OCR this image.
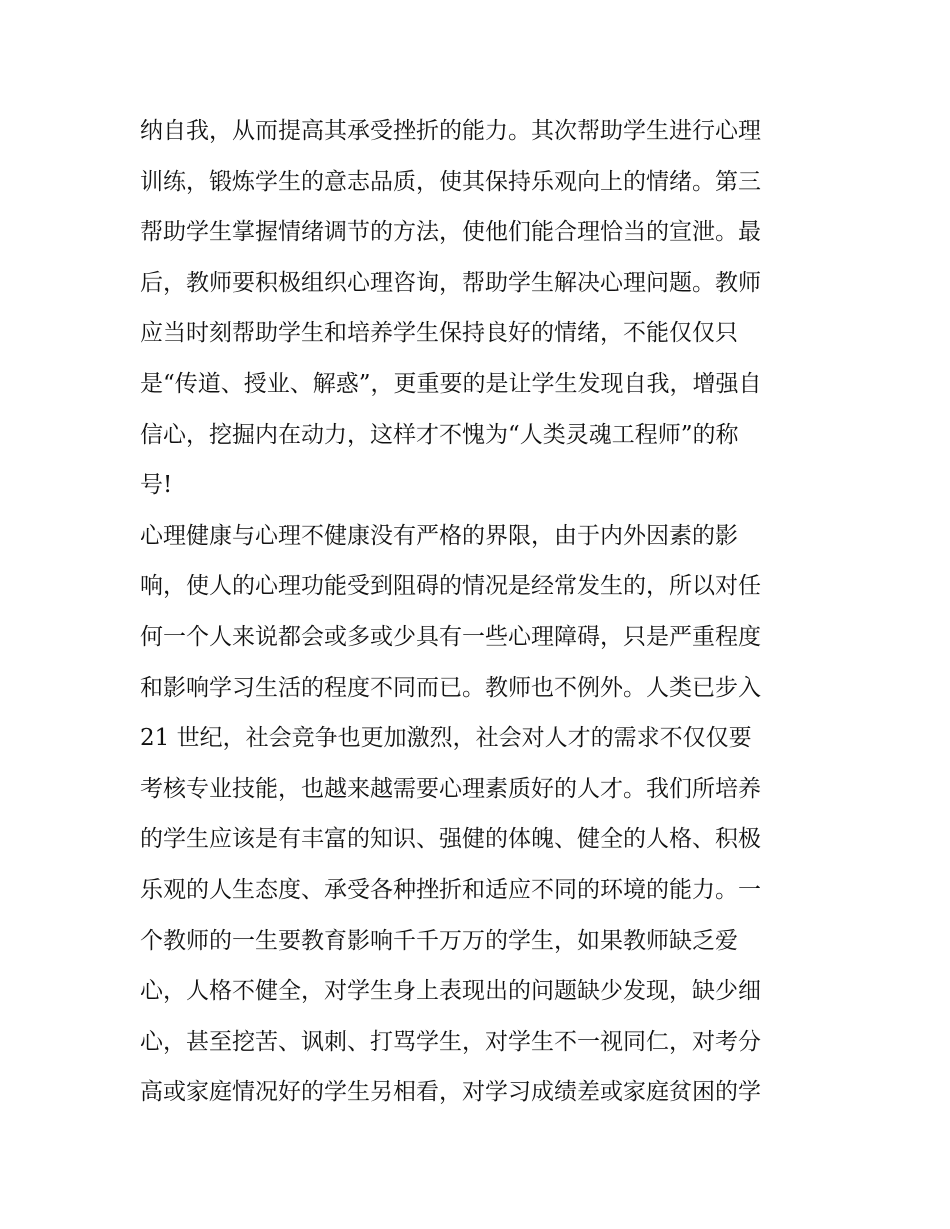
纳自我，从而提高其承受挫折的能力。其次帮助学生进行心理
训练，锻炼学生的意志品质，使其保持乐观向上的情绪。第三
帮助学生掌握情绪调节的方法，使他们能合理恰当的宣泄。最
后，教师要积极组织心理咨询，帮助学生解决心理问题。教师
应当时刻帮助学生和培养学生保持良好的情绪，不能仅仅只
是“传道、授业、解惑”，更重要的是让学生发现自我，增强自
信心，挖掘内在动力，这样才不愧为“人类灵魂工程师”的称
号!
心理健康与心理不健康没有严格的界限，由于内外因素的影
响，使人的心理功能受到阻碍的情况是经常发生的，所以对任
何一个人来说都会或多或少具有一些心理障碍，只是严重程度
和影响学习生活的程度不同而已。教师也不例外。人类已步入
21 世纪，社会竞争也更加激烈，社会对人才的需求不仅仅要
考核专业技能，也越来越需要心理素质好的人才。我们所培养
的学生应该是有丰富的知识、强健的体魄、健全的人格、积极
乐观的人生态度、承受各种挫折和适应不同的环境的能力。一
个教师的一生要教育影响千千万万的学生，如果教师缺乏爱
心，人格不健全，对学生身上表现出的问题缺少发现，缺少细
心，甚至挖苦、讽刺、打骂学生，对学生不一视同仁，对考分
高或家庭情况好的学生另相看，对学习成绩差或家庭贫困的学
